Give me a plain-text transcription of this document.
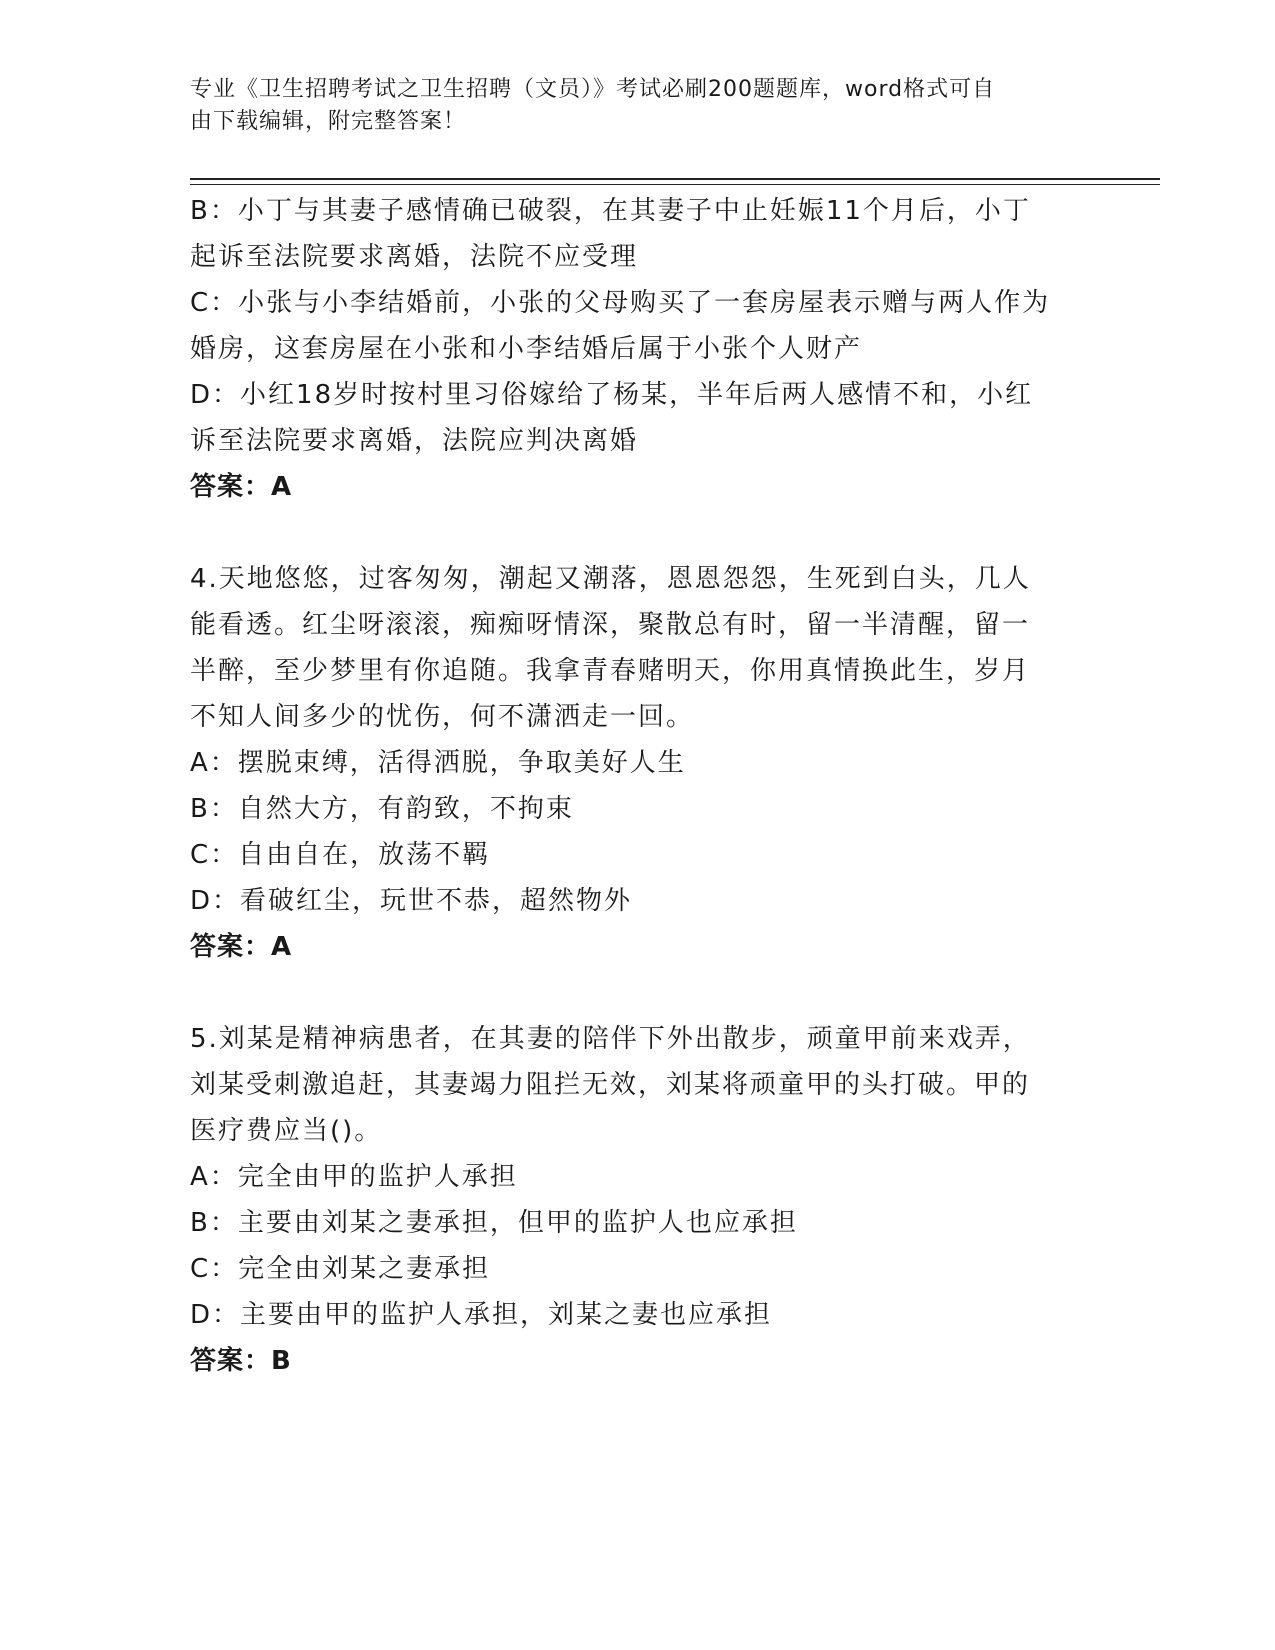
专业《卫生招聘考试之卫生招聘（文员）》考试必刷200题题库，word格式可自
由下载编辑，附完整答案！
B：小丁与其妻子感情确已破裂，在其妻子中止妊娠11个月后，小丁
起诉至法院要求离婚，法院不应受理
C：小张与小李结婚前，小张的父母购买了一套房屋表示赠与两人作为
婚房，这套房屋在小张和小李结婚后属于小张个人财产
D：小红18岁时按村里习俗嫁给了杨某，半年后两人感情不和，小红
诉至法院要求离婚，法院应判决离婚
答案：A
4.天地悠悠，过客匆匆，潮起又潮落，恩恩怨怨，生死到白头，几人
能看透。红尘呀滚滚，痴痴呀情深，聚散总有时，留一半清醒，留一
半醉，至少梦里有你追随。我拿青春赌明天，你用真情换此生，岁月
不知人间多少的忧伤，何不潇洒走一回。
A：摆脱束缚，活得洒脱，争取美好人生
B：自然大方，有韵致，不拘束
C：自由自在，放荡不羁
D：看破红尘，玩世不恭，超然物外
答案：A
5.刘某是精神病患者，在其妻的陪伴下外出散步，顽童甲前来戏弄，
刘某受刺激追赶，其妻竭力阻拦无效，刘某将顽童甲的头打破。甲的
医疗费应当()。
A：完全由甲的监护人承担
B：主要由刘某之妻承担，但甲的监护人也应承担
C：完全由刘某之妻承担
D：主要由甲的监护人承担，刘某之妻也应承担
答案：B
